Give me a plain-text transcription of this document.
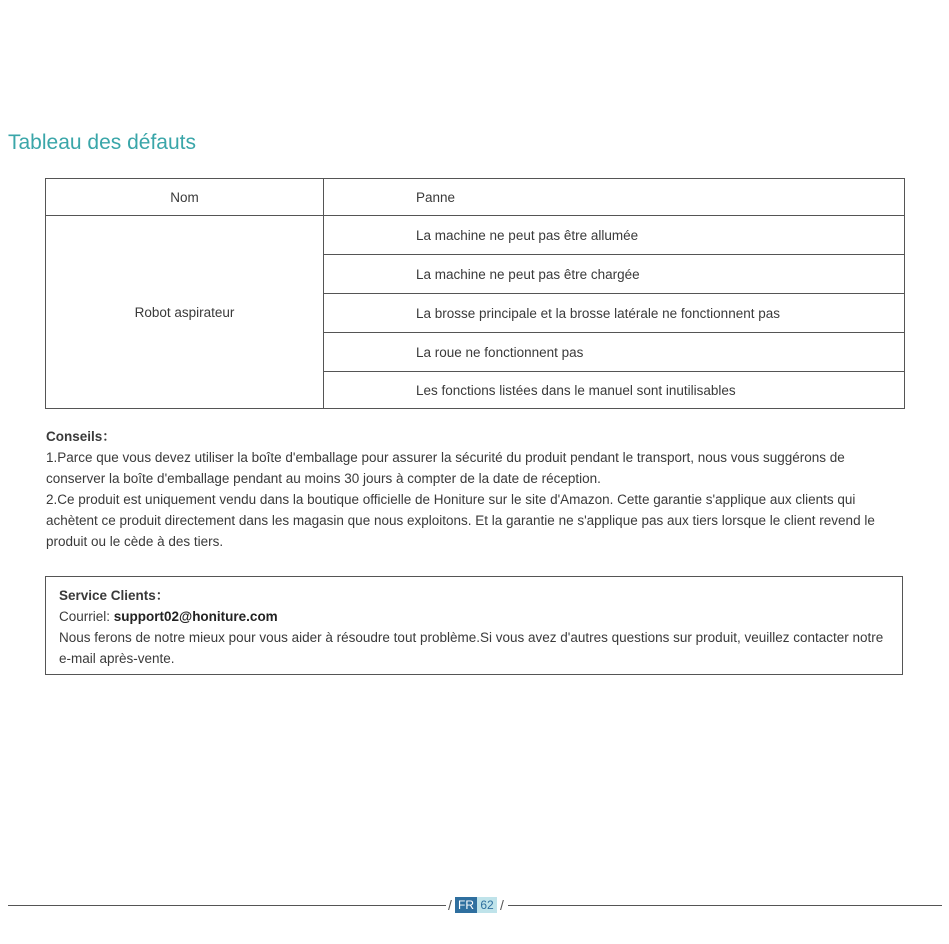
Tableau des défauts
Nom	Panne
Robot aspirateur	La machine ne peut pas être allumée
	La machine ne peut pas être chargée
	La brosse principale et la brosse latérale ne fonctionnent pas
	La roue ne fonctionnent pas
	Les fonctions listées dans le manuel sont inutilisables
Conseils：

1.Parce que vous devez utiliser la boîte d'emballage pour assurer la sécurité du produit pendant le transport, nous vous suggérons de conserver la boîte d'emballage pendant au moins 30 jours à compter de la date de réception.

2.Ce produit est uniquement vendu dans la boutique officielle de Honiture sur le site d'Amazon. Cette garantie s'applique aux clients qui achètent ce produit directement dans les magasin que nous exploitons. Et la garantie ne s'applique pas aux tiers lorsque le client revend le produit ou le cède à des tiers.

Service Clients：

Courriel: support02@honiture.com

Nous ferons de notre mieux pour vous aider à résoudre tout problème.Si vous avez d'autres questions sur produit, veuillez contacter notre e-mail après-vente.

/ FR 62 /
